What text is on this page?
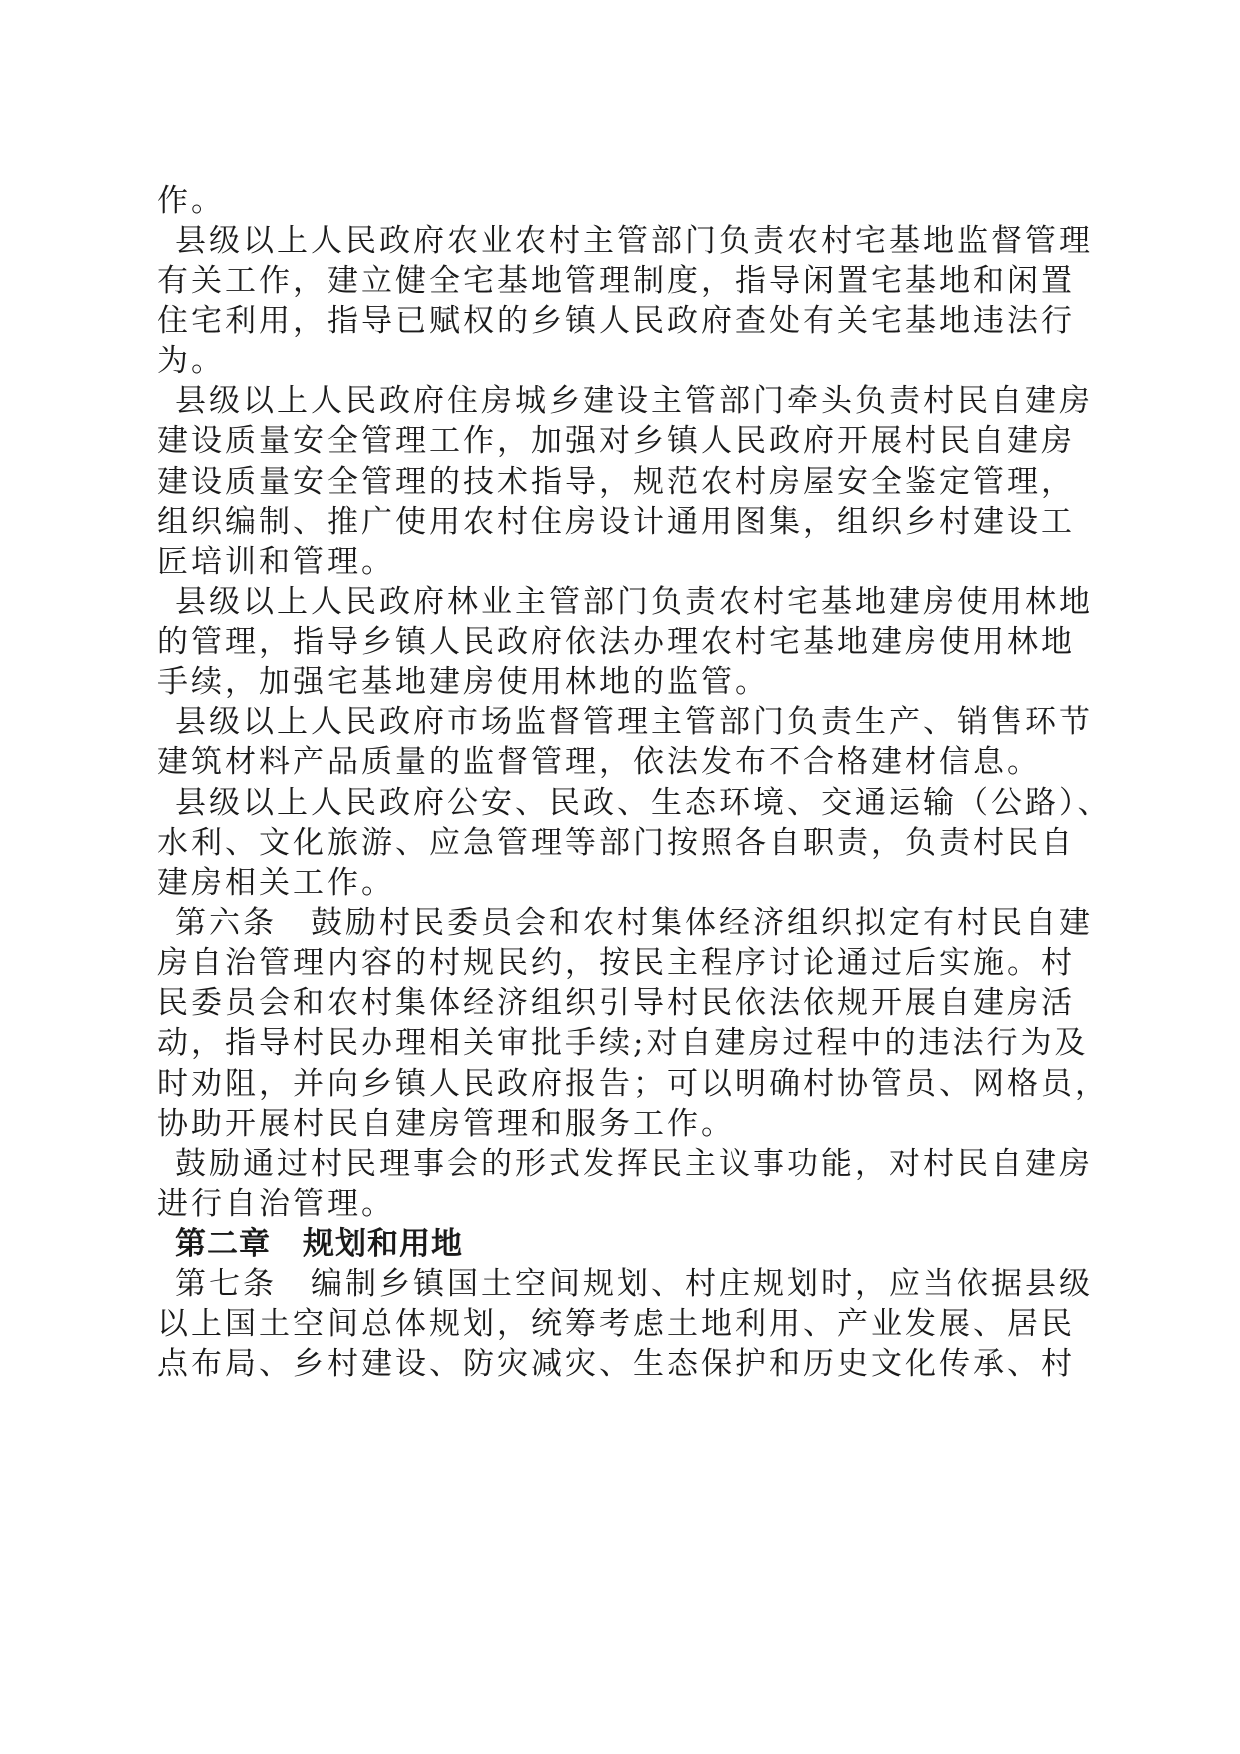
作。

县级以上人民政府农业农村主管部门负责农村宅基地监督管理

有关工作，建立健全宅基地管理制度，指导闲置宅基地和闲置

住宅利用，指导已赋权的乡镇人民政府查处有关宅基地违法行

为。

县级以上人民政府住房城乡建设主管部门牵头负责村民自建房

建设质量安全管理工作，加强对乡镇人民政府开展村民自建房

建设质量安全管理的技术指导，规范农村房屋安全鉴定管理，

组织编制、推广使用农村住房设计通用图集，组织乡村建设工

匠培训和管理。

县级以上人民政府林业主管部门负责农村宅基地建房使用林地

的管理，指导乡镇人民政府依法办理农村宅基地建房使用林地

手续，加强宅基地建房使用林地的监管。

县级以上人民政府市场监督管理主管部门负责生产、销售环节

建筑材料产品质量的监督管理，依法发布不合格建材信息。

县级以上人民政府公安、民政、生态环境、交通运输（公路）、

水利、文化旅游、应急管理等部门按照各自职责，负责村民自

建房相关工作。

第六条　鼓励村民委员会和农村集体经济组织拟定有村民自建

房自治管理内容的村规民约，按民主程序讨论通过后实施。村

民委员会和农村集体经济组织引导村民依法依规开展自建房活

动，指导村民办理相关审批手续;对自建房过程中的违法行为及

时劝阻，并向乡镇人民政府报告；可以明确村协管员、网格员，

协助开展村民自建房管理和服务工作。

鼓励通过村民理事会的形式发挥民主议事功能，对村民自建房

进行自治管理。

第二章　规划和用地

第七条　编制乡镇国土空间规划、村庄规划时，应当依据县级

以上国土空间总体规划，统筹考虑土地利用、产业发展、居民

点布局、乡村建设、防灾减灾、生态保护和历史文化传承、村
